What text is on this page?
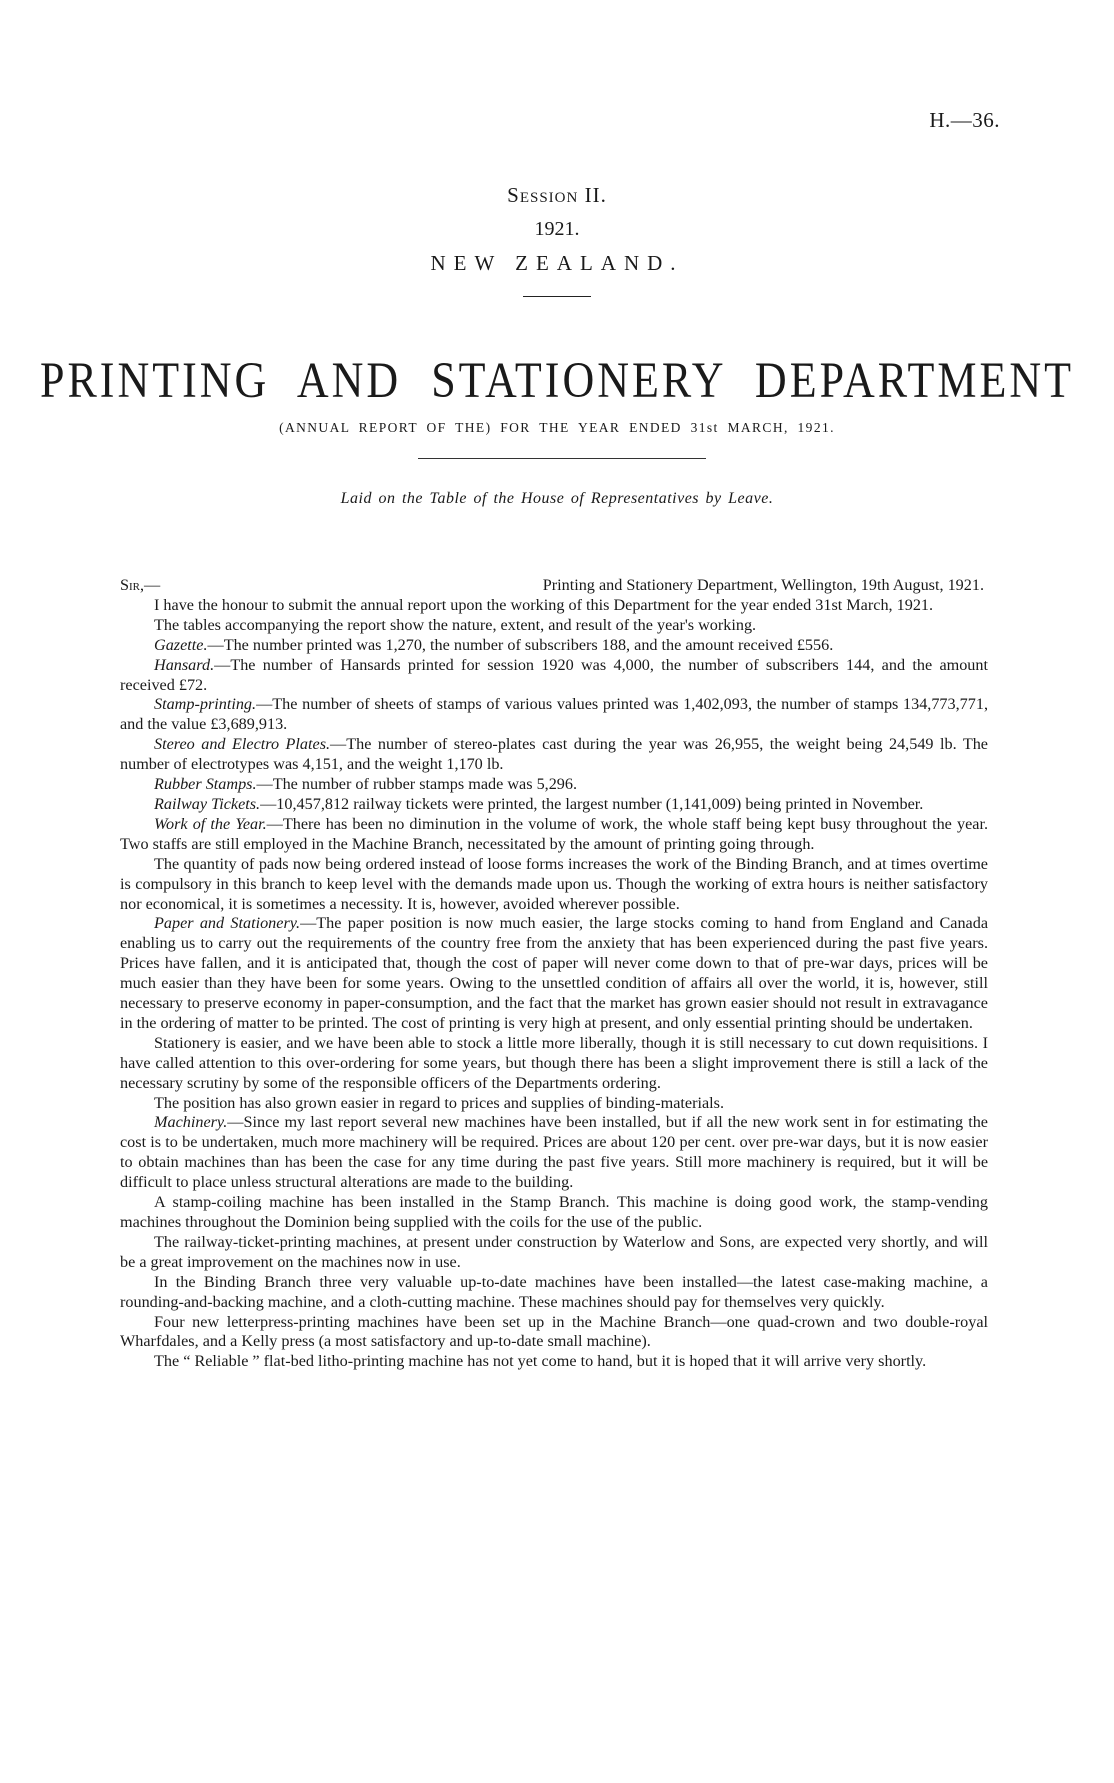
H.—36.
Session II.
1921.
NEW ZEALAND.
PRINTING AND STATIONERY DEPARTMENT
(ANNUAL REPORT OF THE) FOR THE YEAR ENDED 31st MARCH, 1921.
Laid on the Table of the House of Representatives by Leave.
Sir,—	Printing and Stationery Department, Wellington, 19th August, 1921.

I have the honour to submit the annual report upon the working of this Department for the year ended 31st March, 1921.

The tables accompanying the report show the nature, extent, and result of the year's working.

Gazette.—The number printed was 1,270, the number of subscribers 188, and the amount received £556.

Hansard.—The number of Hansards printed for session 1920 was 4,000, the number of subscribers 144, and the amount received £72.

Stamp-printing.—The number of sheets of stamps of various values printed was 1,402,093, the number of stamps 134,773,771, and the value £3,689,913.

Stereo and Electro Plates.—The number of stereo-plates cast during the year was 26,955, the weight being 24,549 lb. The number of electrotypes was 4,151, and the weight 1,170 lb.

Rubber Stamps.—The number of rubber stamps made was 5,296.

Railway Tickets.—10,457,812 railway tickets were printed, the largest number (1,141,009) being printed in November.

Work of the Year.—There has been no diminution in the volume of work, the whole staff being kept busy throughout the year. Two staffs are still employed in the Machine Branch, necessitated by the amount of printing going through.

The quantity of pads now being ordered instead of loose forms increases the work of the Binding Branch, and at times overtime is compulsory in this branch to keep level with the demands made upon us. Though the working of extra hours is neither satisfactory nor economical, it is sometimes a necessity. It is, however, avoided wherever possible.

Paper and Stationery.—The paper position is now much easier, the large stocks coming to hand from England and Canada enabling us to carry out the requirements of the country free from the anxiety that has been experienced during the past five years. Prices have fallen, and it is anticipated that, though the cost of paper will never come down to that of pre-war days, prices will be much easier than they have been for some years. Owing to the unsettled condition of affairs all over the world, it is, however, still necessary to preserve economy in paper-consumption, and the fact that the market has grown easier should not result in extravagance in the ordering of matter to be printed. The cost of printing is very high at present, and only essential printing should be undertaken.

Stationery is easier, and we have been able to stock a little more liberally, though it is still necessary to cut down requisitions. I have called attention to this over-ordering for some years, but though there has been a slight improvement there is still a lack of the necessary scrutiny by some of the responsible officers of the Departments ordering.

The position has also grown easier in regard to prices and supplies of binding-materials.

Machinery.—Since my last report several new machines have been installed, but if all the new work sent in for estimating the cost is to be undertaken, much more machinery will be required. Prices are about 120 per cent. over pre-war days, but it is now easier to obtain machines than has been the case for any time during the past five years. Still more machinery is required, but it will be difficult to place unless structural alterations are made to the building.

A stamp-coiling machine has been installed in the Stamp Branch. This machine is doing good work, the stamp-vending machines throughout the Dominion being supplied with the coils for the use of the public.

The railway-ticket-printing machines, at present under construction by Waterlow and Sons, are expected very shortly, and will be a great improvement on the machines now in use.

In the Binding Branch three very valuable up-to-date machines have been installed—the latest case-making machine, a rounding-and-backing machine, and a cloth-cutting machine. These machines should pay for themselves very quickly.

Four new letterpress-printing machines have been set up in the Machine Branch—one quad-crown and two double-royal Wharfdales, and a Kelly press (a most satisfactory and up-to-date small machine).

The “ Reliable ” flat-bed litho-printing machine has not yet come to hand, but it is hoped that it will arrive very shortly.
